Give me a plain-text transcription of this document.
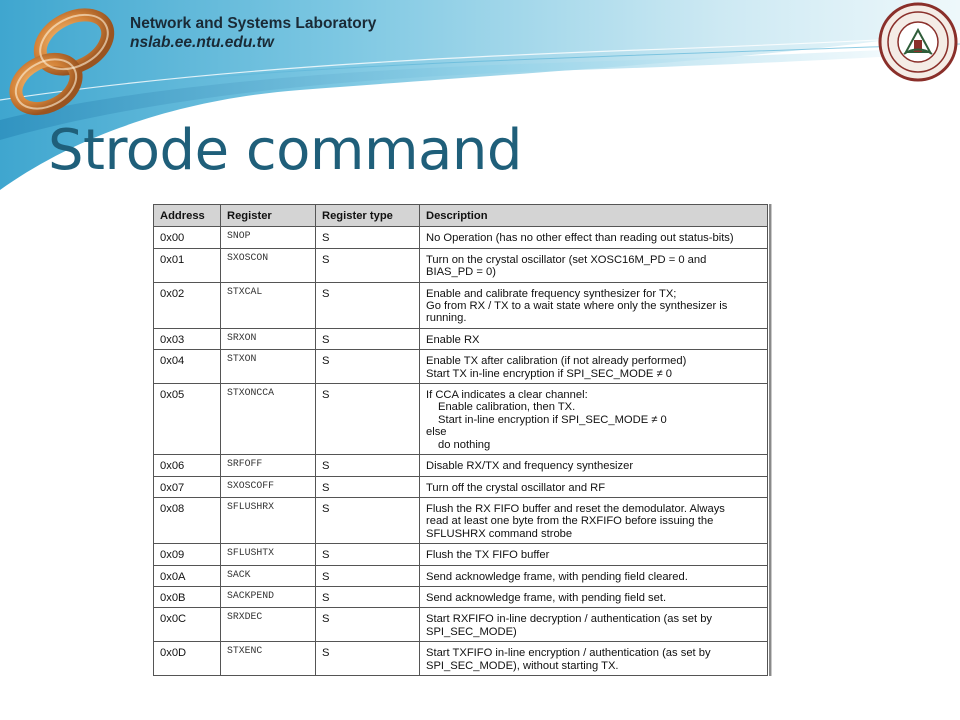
Network and Systems Laboratory
nslab.ee.ntu.edu.tw
Strode command
Address	Register	Register type	Description
0x00	SNOP	S	No Operation (has no other effect than reading out status-bits)

0x01	SXOSCON	S	Turn on the crystal oscillator (set XOSC16M_PD = 0 and
BIAS_PD = 0)

0x02	STXCAL	S	Enable and calibrate frequency synthesizer for TX;
Go from RX / TX to a wait state where only the synthesizer is
running.

0x03	SRXON	S	Enable RX

0x04	STXON	S	Enable TX after calibration (if not already performed)
Start TX in-line encryption if SPI_SEC_MODE ≠ 0

0x05	STXONCCA	S	If CCA indicates a clear channel:
Enable calibration, then TX.
Start in-line encryption if SPI_SEC_MODE ≠ 0
else
do nothing

0x06	SRFOFF	S	Disable RX/TX and frequency synthesizer

0x07	SXOSCOFF	S	Turn off the crystal oscillator and RF

0x08	SFLUSHRX	S	Flush the RX FIFO buffer and reset the demodulator. Always
read at least one byte from the RXFIFO before issuing the
SFLUSHRX command strobe

0x09	SFLUSHTX	S	Flush the TX FIFO buffer

0x0A	SACK	S	Send acknowledge frame, with pending field cleared.

0x0B	SACKPEND	S	Send acknowledge frame, with pending field set.

0x0C	SRXDEC	S	Start RXFIFO in-line decryption / authentication (as set by
SPI_SEC_MODE)

0x0D	STXENC	S	Start TXFIFO in-line encryption / authentication (as set by
SPI_SEC_MODE), without starting TX.
